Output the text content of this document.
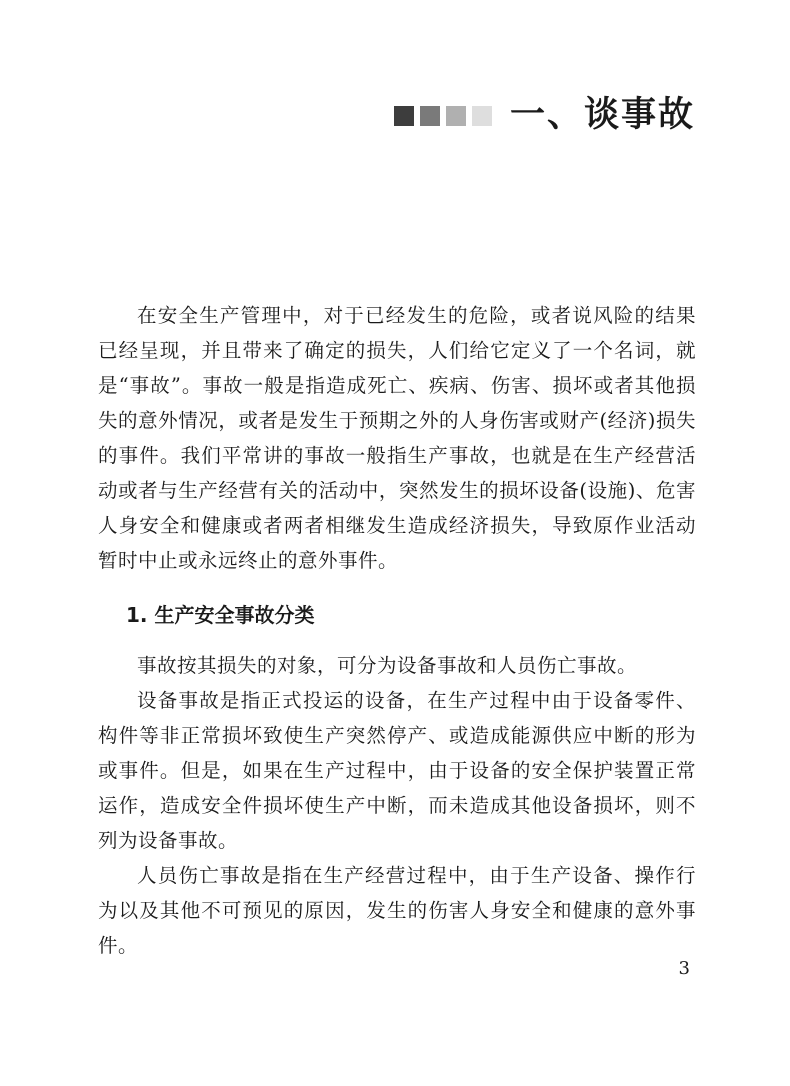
一、谈事故

在安全生产管理中，对于已经发生的危险，或者说风险的结果已经呈现，并且带来了确定的损失，人们给它定义了一个名词，就是“事故”。事故一般是指造成死亡、疾病、伤害、损坏或者其他损失的意外情况，或者是发生于预期之外的人身伤害或财产(经济)损失的事件。我们平常讲的事故一般指生产事故，也就是在生产经营活动或者与生产经营有关的活动中，突然发生的损坏设备(设施)、危害人身安全和健康或者两者相继发生造成经济损失，导致原作业活动暂时中止或永远终止的意外事件。

1. 生产安全事故分类

事故按其损失的对象，可分为设备事故和人员伤亡事故。

设备事故是指正式投运的设备，在生产过程中由于设备零件、构件等非正常损坏致使生产突然停产、或造成能源供应中断的形为或事件。但是，如果在生产过程中，由于设备的安全保护装置正常运作，造成安全件损坏使生产中断，而未造成其他设备损坏，则不列为设备事故。

人员伤亡事故是指在生产经营过程中，由于生产设备、操作行为以及其他不可预见的原因，发生的伤害人身安全和健康的意外事件。

3
